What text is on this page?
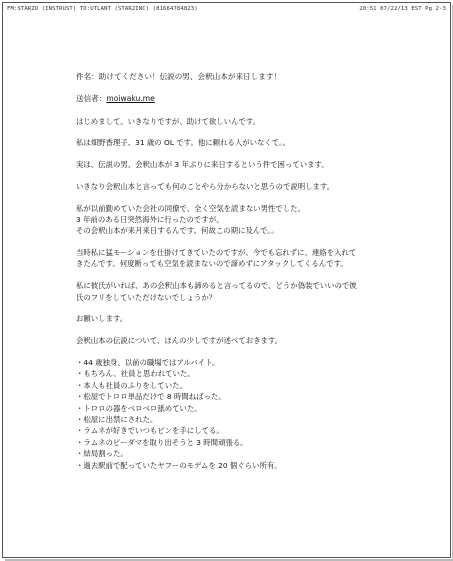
FM:STARZO (INSTRUST) TO:UTLANT (STAR2INC) (81664784823)	20:51 07/22/13 EST Pg 2-3
件名：助けてください！伝説の男、会釈山本が来日します！
送信者：moiwaku.me
はじめまして。いきなりですが、助けて欲しいんです。
私は畑野香理子、31 歳の OL です。他に頼れる人がいなくて。。
実は、伝説の男、会釈山本が 3 年ぶりに来日するという件で困っています。
いきなり会釈山本と言っても何のことやら分からないと思うので説明します。
私が以前勤めていた会社の同僚で、全く空気を読まない男性でした。
3 年前のある日突然海外に行ったのですが、
その会釈山本が来月来日するんです。何故この期に及んで。。
当時私に猛モーションを仕掛けてきていたのですが、今でも忘れずに、連絡を入れて
きたんです。何度断っても空気を読まないので諦めずにアタックしてくるんです。
私に彼氏がいれば、あの会釈山本も諦めると言ってるので、どうか偽装でいいので彼
氏のフリをしていただけないでしょうか？
お願いします。
会釈山本の伝説について、ほんの少しですが述べておきます。
・44 歳独身、以前の職場ではアルバイト。
・もちろん、社員と思われていた。
・本人も社員のふりをしていた。
・松屋でトロロ単品だけで 8 時間ねばった。
・トロロの器をベロベロ舐めていた。
・松屋に出禁にされた。
・ラムネが好きでいつもピンを手にしてる。
・ラムネのビーダマを取り出そうと 3 時間頑張る。
・結局割った。
・過去駅前で配っていたヤフーのモデムを 20 個ぐらい所有。
